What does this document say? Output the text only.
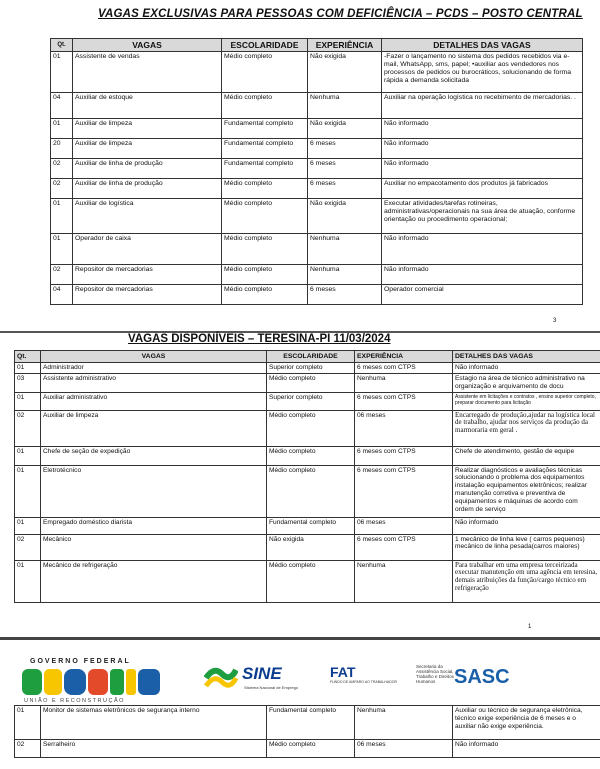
VAGAS EXCLUSIVAS PARA PESSOAS COM DEFICIÊNCIA – PCDS – POSTO CENTRAL
Qt.	VAGAS	ESCOLARIDADE	EXPERIÊNCIA	DETALHES DAS VAGAS
01	Assistente de vendas	Médio completo	Não exigida	-Fazer o lançamento no sistema dos pedidos recebidos via e-mail, WhatsApp, sms, papel; •auxiliar aos vendedores nos processos de pedidos ou burocráticos, solucionando de forma rápida a demanda solicitada
04	Auxiliar de estoque	Médio completo	Nenhuma	Auxiliar na operação logística no recebimento de mercadorias. .
01	Auxiliar de limpeza	Fundamental completo	Não exigida	Não informado
20	Auxiliar de limpeza	Fundamental completo	6 meses	Não informado
02	Auxiliar de linha de produção	Fundamental completo	6 meses	Não informado
02	Auxiliar de linha de produção	Médio completo	6 meses	Auxiliar no empacotamento dos produtos já fabricados
01	Auxiliar de logística	Médio completo	Não exigida	Executar atividades/tarefas rotineiras, administrativas/operacionais na sua área de atuação, conforme orientação ou procedimento operacional;
01	Operador de caixa	Médio completo	Nenhuma	Não informado
02	Repositor de mercadorias	Médio completo	Nenhuma	Não informado
04	Repositor de mercadorias	Médio completo	6 meses	Operador comercial
3
VAGAS DISPONÍVEIS – TERESINA-PI 11/03/2024
Qt.	VAGAS	ESCOLARIDADE	EXPERIÊNCIA	DETALHES DAS VAGAS
01	Administrador	Superior completo	6 meses com CTPS	Não informado
03	Assistente administrativo	Médio completo	Nenhuma	Estagio na área de técnico administrativo na organização e arquivamento de docu
01	Auxiliar administrativo	Superior completo	6 meses com CTPS	Assistente em licitações e contratos , ensino superior completo, preparar documento para licitação
02	Auxiliar de limpeza	Médio completo	06 meses	Encarregado de produção,ajudar na logística local de trabalho, ajudar nos serviços da produção da marmoraria em geral .
01	Chefe de seção de expedição	Médio completo	6 meses com CTPS	Chefe de atendimento, gestão de equipe
01	Eletrotécnico	Médio completo	6 meses com CTPS	Realizar diagnósticos e avaliações técnicas solucionando o problema dos equipamentos instalação equipamentos eletrônicos; realizar manutenção corretiva e preventiva de equipamentos e máquinas de acordo com ordem de serviço
01	Empregado doméstico diarista	Fundamental completo	06 meses	Não informado
02	Mecânico	Não exigida	6 meses com CTPS	1 mecânico de linha leve ( carros pequenos) mecânico de linha pesada(carros maiores)
01	Mecânico de refrigeração	Médio completo	Nenhuma	Para trabalhar em uma empresa terceirizada executar manutenção em uma agência em teresina, demais atribuições da função/cargo técnico em refrigeração
1
GOVERNO FEDERAL
UNIÃO E RECONSTRUÇÃO
SINE
Sistema Nacional de Emprego
FAT
FUNDO DE AMPARO AO TRABALHADOR
Secretaria da Assistência Social, Trabalho e Direitos Humanos SASC
01	Monitor de sistemas eletrônicos de segurança interno	Fundamental completo	Nenhuma	Auxiliar ou técnico de segurança eletrônica, técnico exige experiência de 6 meses e o auxiliar não exige experiência.
02	Serralheiro	Médio completo	06 meses	Não informado
